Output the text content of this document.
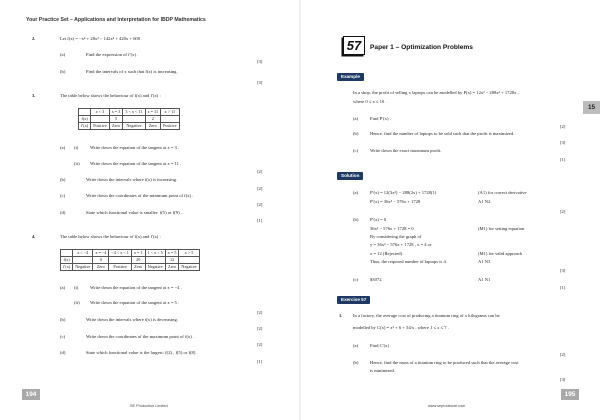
Your Practice Set – Applications and Interpretation for IBDP Mathematics
2.	Let f(x) = −x⁴ + 28x³ − 142x² + 420x + 600 .
(a)	Find the expression of f′(x) .
[3]
(b)	Find the intervals of x such that f(x) is increasing.
[3]
3.	The table below shows the behaviour of f(x) and f′(x) :
	x < 3	x = 3	3 < x < 11	x = 11	x > 11
f(x)		5		2	
f′(x)	Positive	Zero	Negative	Zero	Positive
(a) (i)	Write down the equation of the tangent at x = 3 .
(ii) Write down the equation of the tangent at x = 11 .
[2]
(b)	Write down the intervals where f(x) is increasing.
[2]
(c)	Write down the coordinates of the minimum point of f(x) .
[2]
(d)	State which functional value is smaller: f(5) or f(9) .
[1]
4.	The table below shows the behaviour of f(x) and f′(x) :
	x < −4	x = −4	−4 < x < 1	x = 1	1 < x < 5	x = 5	x > 5
f(x)		0		20		12	
f′(x)	Negative	Zero	Positive	Zero	Negative	Zero	Negative
(a) (i)	Write down the equation of the tangent at x = −4 .
(ii) Write down the equation of the tangent at x = 5 .
[2]
(b)	Write down the intervals where f(x) is decreasing.
[2]
(c)	Write down the coordinates of the maximum point of f(x) .
[2]
(d)	State which functional value is the largest: f(2) , f(5) or f(8) .
[1]
194
SE Production Limited
57	Paper 1 – Optimization Problems
15
Example
In a shop, the profit of selling x laptops can be modelled by P(x) = 12x³ − 288x² + 1728x ,
where 0 ≤ x ≤ 10 .
(a)	Find P′(x) .
[2]
(b)	Hence, find the number of laptops to be sold such that the profit is maximized.
[3]
(c)	Write down the exact maximum profit.
[1]
Solution
(a)	P′(x) = 12(3x²) − 288(2x) + 1728(1)	(A1) for correct derivative
P′(x) = 36x² − 576x + 1728	A1 N2
[2]
(b)	P′(x) = 0
36x² − 576x + 1728 = 0	(M1) for setting equation
By considering the graph of
y = 36x² − 576x + 1728 , x = 4 or
x = 12 (Rejected).	(M1) for valid approach
Thus, the required number of laptops is 4.	A1 N3
[3]
(c)	$3072	A1 N1
[1]
Exercise 57
1. In a factory, the average cost of producing a titanium ring of x kilograms can be
modelled by C(x) = x² + 6 + 54/x , where 1 ≤ x ≤ 7 .
(a)	Find C′(x) .
[2]
(b)	Hence, find the mass of a titanium ring to be produced such that the average cost
is minimized.
[3]
195
www.seprodstore.com
